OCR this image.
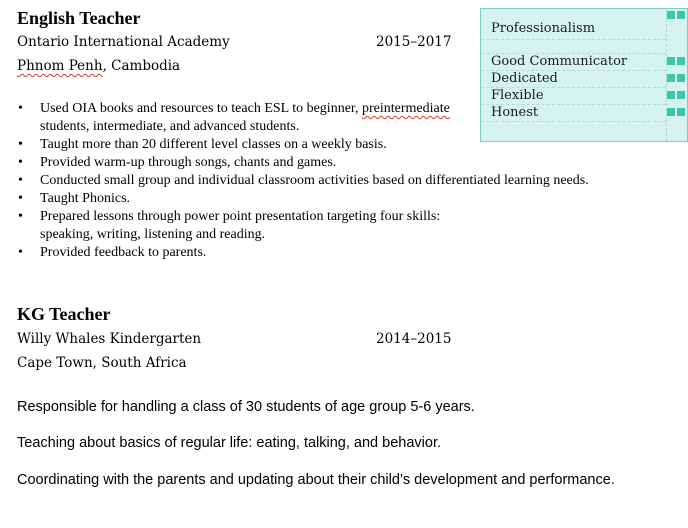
English Teacher
Ontario International Academy	2015–2017
Phnom Penh, Cambodia
• Used OIA books and resources to teach ESL to beginner, preintermediate
students, intermediate, and advanced students.
• Taught more than 20 different level classes on a weekly basis.
• Provided warm-up through songs, chants and games.
• Conducted small group and individual classroom activities based on differentiated learning needs.
• Taught Phonics.
• Prepared lessons through power point presentation targeting four skills:
speaking, writing, listening and reading.
• Provided feedback to parents.
KG Teacher
Willy Whales Kindergarten	2014–2015
Cape Town, South Africa
Responsible for handling a class of 30 students of age group 5-6 years.
Teaching about basics of regular life: eating, talking, and behavior.
Coordinating with the parents and updating about their child’s development and performance.
Professionalism
Good Communicator
Dedicated
Flexible
Honest
